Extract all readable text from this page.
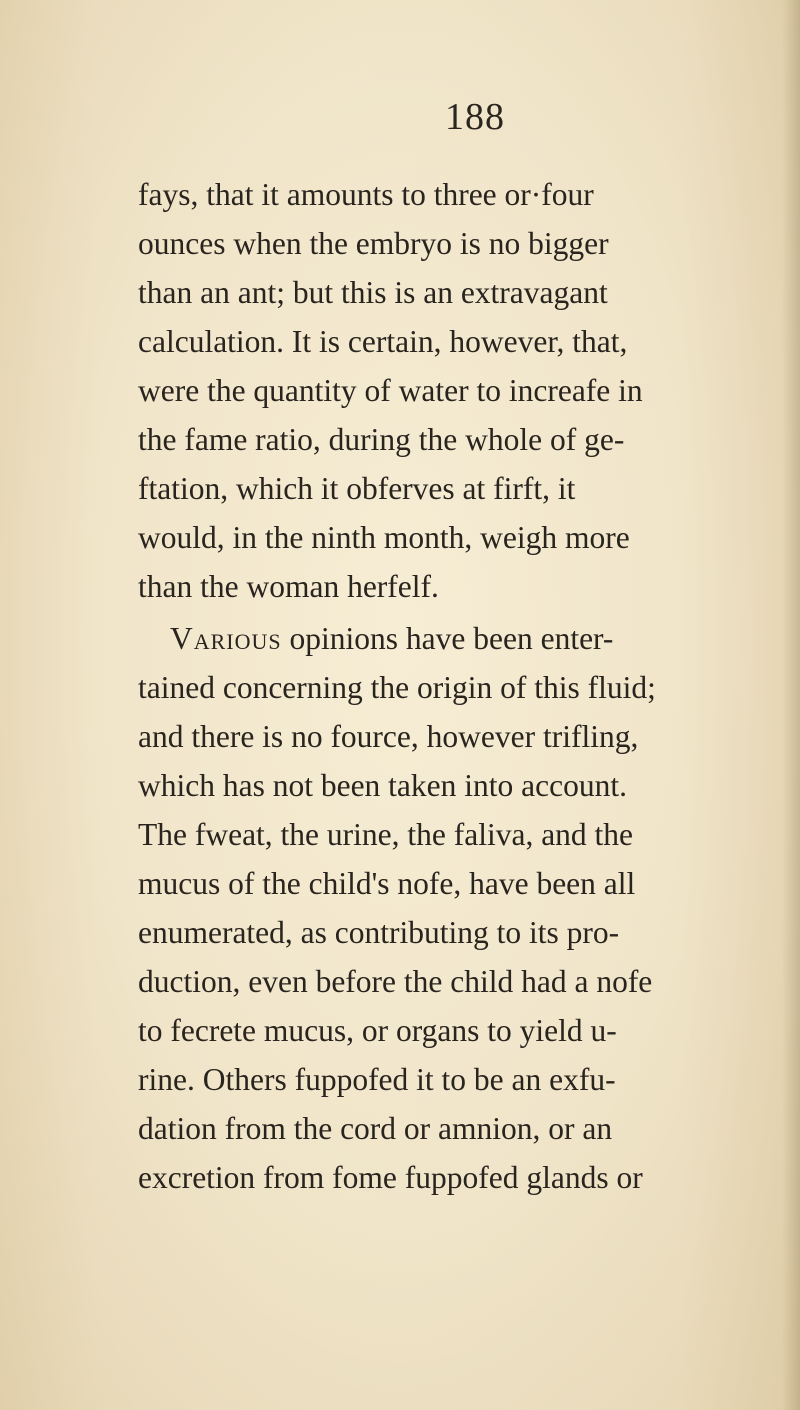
188
fays, that it amounts to three or·four
ounces when the embryo is no bigger
than an ant; but this is an extravagant
calculation. It is certain, however, that,
were the quantity of water to increafe in
the fame ratio, during the whole of ge-
ftation, which it obferves at firft, it
would, in the ninth month, weigh more
than the woman herfelf.
Various opinions have been enter-
tained concerning the origin of this fluid;
and there is no fource, however trifling,
which has not been taken into account.
The fweat, the urine, the faliva, and the
mucus of the child's nofe, have been all
enumerated, as contributing to its pro-
duction, even before the child had a nofe
to fecrete mucus, or organs to yield u-
rine. Others fuppofed it to be an exfu-
dation from the cord or amnion, or an
excretion from fome fuppofed glands or
